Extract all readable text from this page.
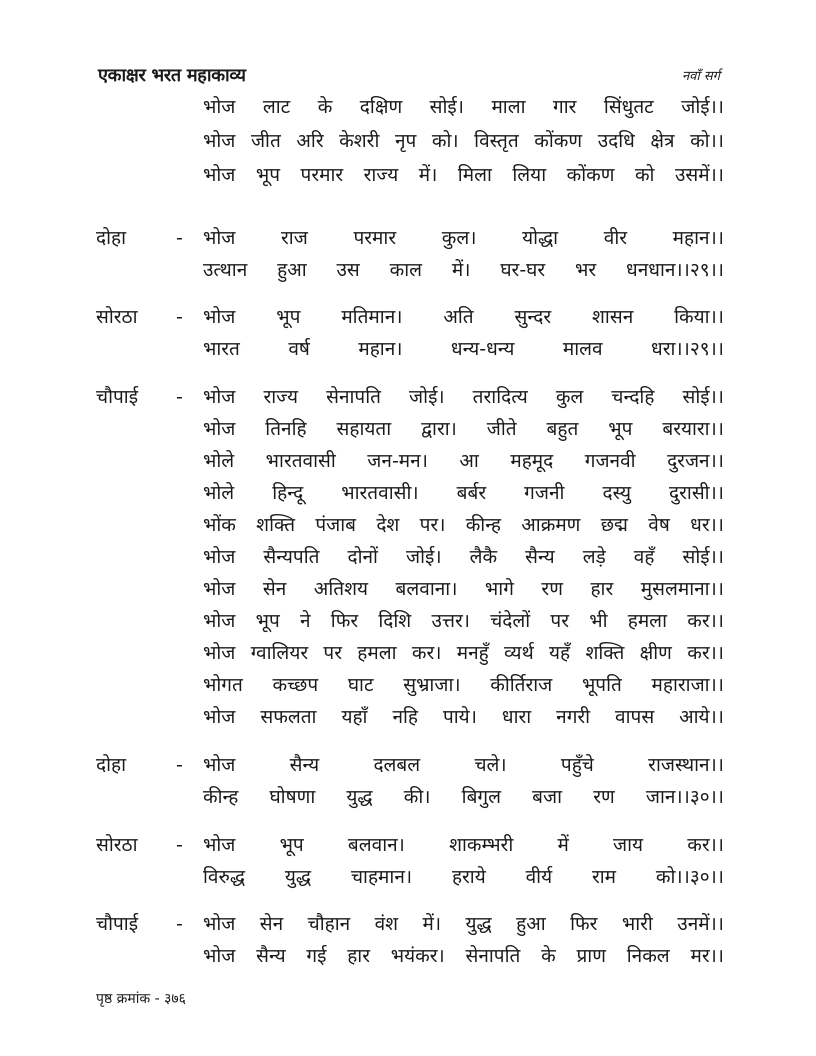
एकाक्षर भरत महाकाव्य	नवाँ सर्ग
भोज लाट के दक्षिण सोई। माला गार सिंधुतट जोई।।
भोज जीत अरि केशरी नृप को। विस्तृत कोंकण उदधि क्षेत्र को।।
भोज भूप परमार राज्य में। मिला लिया कोंकण को उसमें।।
दोहा	- भोज राज परमार कुल। योद्धा वीर महान।।
उत्थान हुआ उस काल में। घर-घर भर धनधान।।२९।।
सोरठा - भोज भूप मतिमान। अति सुन्दर शासन किया।।
भारत वर्ष महान। धन्य-धन्य मालव धरा।।२९।।
चौपाई - भोज राज्य सेनापति जोई। तरादित्य कुल चन्दहि सोई।।
भोज तिनहि सहायता द्वारा। जीते बहुत भूप बरयारा।।
भोले भारतवासी जन-मन। आ महमूद गजनवी दुरजन।।
भोले हिन्दू भारतवासी। बर्बर गजनी दस्यु दुरासी।।
भोंक शक्ति पंजाब देश पर। कीन्ह आक्रमण छद्म वेष धर।।
भोज सैन्यपति दोनों जोई। लैकै सैन्य लड़े वहँ सोई।।
भोज सेन अतिशय बलवाना। भागे रण हार मुसलमाना।।
भोज भूप ने फिर दिशि उत्तर। चंदेलों पर भी हमला कर।।
भोज ग्वालियर पर हमला कर। मनहुँ व्यर्थ यहँ शक्ति क्षीण कर।।
भोगत कच्छप घाट सुभ्राजा। कीर्तिराज भूपति महाराजा।।
भोज सफलता यहाँ नहि पाये। धारा नगरी वापस आये।।
दोहा	- भोज सैन्य दलबल चले। पहुँचे राजस्थान।।
कीन्ह घोषणा युद्ध की। बिगुल बजा रण जान।।३०।।
सोरठा - भोज भूप बलवान। शाकम्भरी में जाय कर।।
विरुद्ध युद्ध चाहमान। हराये वीर्य राम को।।३०।।
चौपाई - भोज सेन चौहान वंश में। युद्ध हुआ फिर भारी उनमें।।
भोज सैन्य गई हार भयंकर। सेनापति के प्राण निकल मर।।
पृष्ठ क्रमांक - ३७६
